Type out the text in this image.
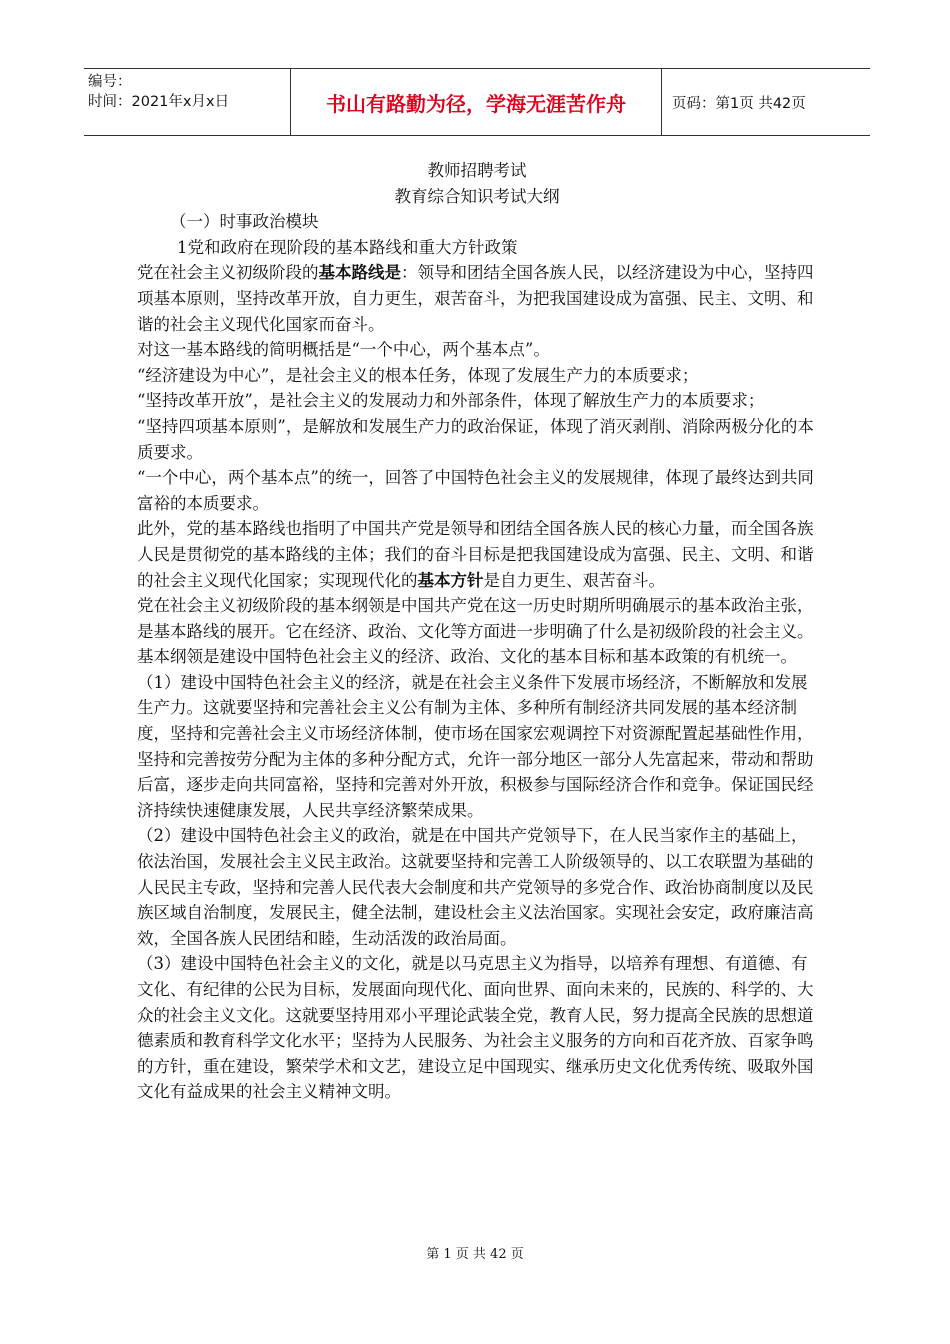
编号：
时间：2021年x月x日	书山有路勤为径，学海无涯苦作舟	页码：第1页 共42页

教师招聘考试

教育综合知识考试大纲

（一）时事政治模块

1党和政府在现阶段的基本路线和重大方针政策

党在社会主义初级阶段的基本路线是：领导和团结全国各族人民，以经济建设为中心，坚持四项基本原则，坚持改革开放，自力更生，艰苦奋斗，为把我国建设成为富强、民主、文明、和谐的社会主义现代化国家而奋斗。

对这一基本路线的简明概括是“一个中心，两个基本点”。

“经济建设为中心”，是社会主义的根本任务，体现了发展生产力的本质要求；

“坚持改革开放”，是社会主义的发展动力和外部条件，体现了解放生产力的本质要求；

“坚持四项基本原则”，是解放和发展生产力的政治保证，体现了消灭剥削、消除两极分化的本质要求。

“一个中心，两个基本点”的统一，回答了中国特色社会主义的发展规律，体现了最终达到共同富裕的本质要求。

此外，党的基本路线也指明了中国共产党是领导和团结全国各族人民的核心力量，而全国各族人民是贯彻党的基本路线的主体；我们的奋斗目标是把我国建设成为富强、民主、文明、和谐的社会主义现代化国家；实现现代化的基本方针是自力更生、艰苦奋斗。

党在社会主义初级阶段的基本纲领是中国共产党在这一历史时期所明确展示的基本政治主张，是基本路线的展开。它在经济、政治、文化等方面进一步明确了什么是初级阶段的社会主义。基本纲领是建设中国特色社会主义的经济、政治、文化的基本目标和基本政策的有机统一。

（1）建设中国特色社会主义的经济，就是在社会主义条件下发展市场经济，不断解放和发展生产力。这就要坚持和完善社会主义公有制为主体、多种所有制经济共同发展的基本经济制度，坚持和完善社会主义市场经济体制，使市场在国家宏观调控下对资源配置起基础性作用，坚持和完善按劳分配为主体的多种分配方式，允许一部分地区一部分人先富起来，带动和帮助后富，逐步走向共同富裕，坚持和完善对外开放，积极参与国际经济合作和竞争。保证国民经济持续快速健康发展，人民共享经济繁荣成果。

（2）建设中国特色社会主义的政治，就是在中国共产党领导下，在人民当家作主的基础上，依法治国，发展社会主义民主政治。这就要坚持和完善工人阶级领导的、以工农联盟为基础的人民民主专政，坚持和完善人民代表大会制度和共产党领导的多党合作、政治协商制度以及民族区域自治制度，发展民主，健全法制，建设杜会主义法治国家。实现社会安定，政府廉洁高效，全国各族人民团结和睦，生动活泼的政治局面。

（3）建设中国特色社会主义的文化，就是以马克思主义为指导，以培养有理想、有道德、有文化、有纪律的公民为目标，发展面向现代化、面向世界、面向未来的，民族的、科学的、大众的社会主义文化。这就要坚持用邓小平理论武装全党，教育人民，努力提高全民族的思想道德素质和教育科学文化水平；坚持为人民服务、为社会主义服务的方向和百花齐放、百家争鸣的方针，重在建设，繁荣学术和文艺，建设立足中国现实、继承历史文化优秀传统、吸取外国文化有益成果的社会主义精神文明。

第 1 页 共 42 页
